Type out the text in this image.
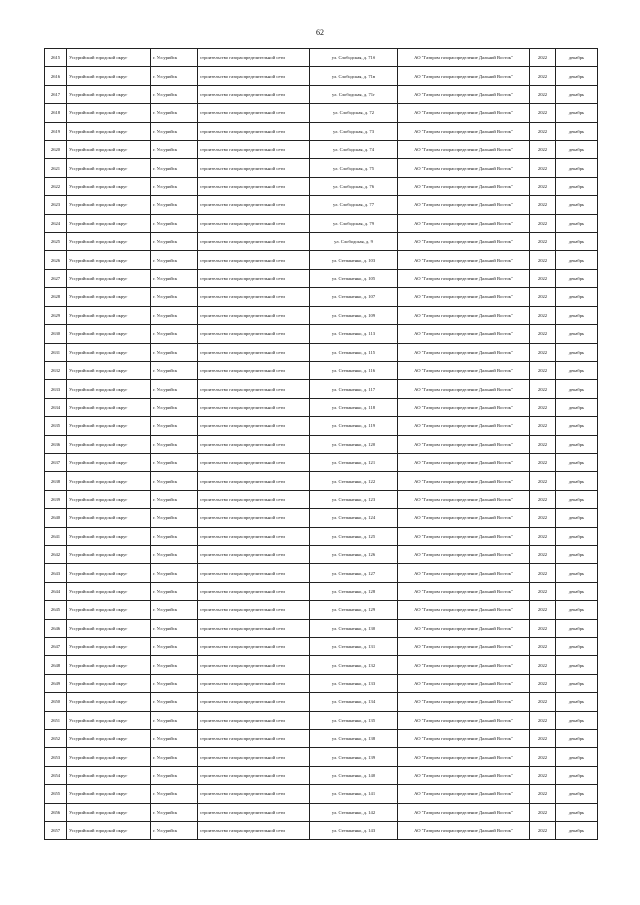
62
2615	Уссурийский городской округ	г. Уссурийск	строительство газораспределительной сети	ул. Слободская, д. 71б	АО "Газпром газораспределение Дальний Восток"	2022	декабрь
2616	Уссурийский городской округ	г. Уссурийск	строительство газораспределительной сети	ул. Слободская, д. 71в	АО "Газпром газораспределение Дальний Восток"	2022	декабрь
2617	Уссурийский городской округ	г. Уссурийск	строительство газораспределительной сети	ул. Слободская, д. 71г	АО "Газпром газораспределение Дальний Восток"	2022	декабрь
2618	Уссурийский городской округ	г. Уссурийск	строительство газораспределительной сети	ул. Слободская, д. 72	АО "Газпром газораспределение Дальний Восток"	2022	декабрь
2619	Уссурийский городской округ	г. Уссурийск	строительство газораспределительной сети	ул. Слободская, д. 73	АО "Газпром газораспределение Дальний Восток"	2022	декабрь
2620	Уссурийский городской округ	г. Уссурийск	строительство газораспределительной сети	ул. Слободская, д. 74	АО "Газпром газораспределение Дальний Восток"	2022	декабрь
2621	Уссурийский городской округ	г. Уссурийск	строительство газораспределительной сети	ул. Слободская, д. 75	АО "Газпром газораспределение Дальний Восток"	2022	декабрь
2622	Уссурийский городской округ	г. Уссурийск	строительство газораспределительной сети	ул. Слободская, д. 76	АО "Газпром газораспределение Дальний Восток"	2022	декабрь
2623	Уссурийский городской округ	г. Уссурийск	строительство газораспределительной сети	ул. Слободская, д. 77	АО "Газпром газораспределение Дальний Восток"	2022	декабрь
2624	Уссурийский городской округ	г. Уссурийск	строительство газораспределительной сети	ул. Слободская, д. 79	АО "Газпром газораспределение Дальний Восток"	2022	декабрь
2625	Уссурийский городской округ	г. Уссурийск	строительство газораспределительной сети	ул. Слободская, д. 9	АО "Газпром газораспределение Дальний Восток"	2022	декабрь
2626	Уссурийский городской округ	г. Уссурийск	строительство газораспределительной сети	ул. Степаненко, д. 103	АО "Газпром газораспределение Дальний Восток"	2022	декабрь
2627	Уссурийский городской округ	г. Уссурийск	строительство газораспределительной сети	ул. Степаненко, д. 105	АО "Газпром газораспределение Дальний Восток"	2022	декабрь
2628	Уссурийский городской округ	г. Уссурийск	строительство газораспределительной сети	ул. Степаненко, д. 107	АО "Газпром газораспределение Дальний Восток"	2022	декабрь
2629	Уссурийский городской округ	г. Уссурийск	строительство газораспределительной сети	ул. Степаненко, д. 109	АО "Газпром газораспределение Дальний Восток"	2022	декабрь
2630	Уссурийский городской округ	г. Уссурийск	строительство газораспределительной сети	ул. Степаненко, д. 113	АО "Газпром газораспределение Дальний Восток"	2022	декабрь
2631	Уссурийский городской округ	г. Уссурийск	строительство газораспределительной сети	ул. Степаненко, д. 115	АО "Газпром газораспределение Дальний Восток"	2022	декабрь
2632	Уссурийский городской округ	г. Уссурийск	строительство газораспределительной сети	ул. Степаненко, д. 116	АО "Газпром газораспределение Дальний Восток"	2022	декабрь
2633	Уссурийский городской округ	г. Уссурийск	строительство газораспределительной сети	ул. Степаненко, д. 117	АО "Газпром газораспределение Дальний Восток"	2022	декабрь
2634	Уссурийский городской округ	г. Уссурийск	строительство газораспределительной сети	ул. Степаненко, д. 118	АО "Газпром газораспределение Дальний Восток"	2022	декабрь
2635	Уссурийский городской округ	г. Уссурийск	строительство газораспределительной сети	ул. Степаненко, д. 119	АО "Газпром газораспределение Дальний Восток"	2022	декабрь
2636	Уссурийский городской округ	г. Уссурийск	строительство газораспределительной сети	ул. Степаненко, д. 120	АО "Газпром газораспределение Дальний Восток"	2022	декабрь
2637	Уссурийский городской округ	г. Уссурийск	строительство газораспределительной сети	ул. Степаненко, д. 121	АО "Газпром газораспределение Дальний Восток"	2022	декабрь
2638	Уссурийский городской округ	г. Уссурийск	строительство газораспределительной сети	ул. Степаненко, д. 122	АО "Газпром газораспределение Дальний Восток"	2022	декабрь
2639	Уссурийский городской округ	г. Уссурийск	строительство газораспределительной сети	ул. Степаненко, д. 123	АО "Газпром газораспределение Дальний Восток"	2022	декабрь
2640	Уссурийский городской округ	г. Уссурийск	строительство газораспределительной сети	ул. Степаненко, д. 124	АО "Газпром газораспределение Дальний Восток"	2022	декабрь
2641	Уссурийский городской округ	г. Уссурийск	строительство газораспределительной сети	ул. Степаненко, д. 125	АО "Газпром газораспределение Дальний Восток"	2022	декабрь
2642	Уссурийский городской округ	г. Уссурийск	строительство газораспределительной сети	ул. Степаненко, д. 126	АО "Газпром газораспределение Дальний Восток"	2022	декабрь
2643	Уссурийский городской округ	г. Уссурийск	строительство газораспределительной сети	ул. Степаненко, д. 127	АО "Газпром газораспределение Дальний Восток"	2022	декабрь
2644	Уссурийский городской округ	г. Уссурийск	строительство газораспределительной сети	ул. Степаненко, д. 128	АО "Газпром газораспределение Дальний Восток"	2022	декабрь
2645	Уссурийский городской округ	г. Уссурийск	строительство газораспределительной сети	ул. Степаненко, д. 129	АО "Газпром газораспределение Дальний Восток"	2022	декабрь
2646	Уссурийский городской округ	г. Уссурийск	строительство газораспределительной сети	ул. Степаненко, д. 130	АО "Газпром газораспределение Дальний Восток"	2022	декабрь
2647	Уссурийский городской округ	г. Уссурийск	строительство газораспределительной сети	ул. Степаненко, д. 131	АО "Газпром газораспределение Дальний Восток"	2022	декабрь
2648	Уссурийский городской округ	г. Уссурийск	строительство газораспределительной сети	ул. Степаненко, д. 132	АО "Газпром газораспределение Дальний Восток"	2022	декабрь
2649	Уссурийский городской округ	г. Уссурийск	строительство газораспределительной сети	ул. Степаненко, д. 133	АО "Газпром газораспределение Дальний Восток"	2022	декабрь
2650	Уссурийский городской округ	г. Уссурийск	строительство газораспределительной сети	ул. Степаненко, д. 134	АО "Газпром газораспределение Дальний Восток"	2022	декабрь
2651	Уссурийский городской округ	г. Уссурийск	строительство газораспределительной сети	ул. Степаненко, д. 135	АО "Газпром газораспределение Дальний Восток"	2022	декабрь
2652	Уссурийский городской округ	г. Уссурийск	строительство газораспределительной сети	ул. Степаненко, д. 138	АО "Газпром газораспределение Дальний Восток"	2022	декабрь
2653	Уссурийский городской округ	г. Уссурийск	строительство газораспределительной сети	ул. Степаненко, д. 139	АО "Газпром газораспределение Дальний Восток"	2022	декабрь
2654	Уссурийский городской округ	г. Уссурийск	строительство газораспределительной сети	ул. Степаненко, д. 140	АО "Газпром газораспределение Дальний Восток"	2022	декабрь
2655	Уссурийский городской округ	г. Уссурийск	строительство газораспределительной сети	ул. Степаненко, д. 141	АО "Газпром газораспределение Дальний Восток"	2022	декабрь
2656	Уссурийский городской округ	г. Уссурийск	строительство газораспределительной сети	ул. Степаненко, д. 142	АО "Газпром газораспределение Дальний Восток"	2022	декабрь
2657	Уссурийский городской округ	г. Уссурийск	строительство газораспределительной сети	ул. Степаненко, д. 143	АО "Газпром газораспределение Дальний Восток"	2022	декабрь
